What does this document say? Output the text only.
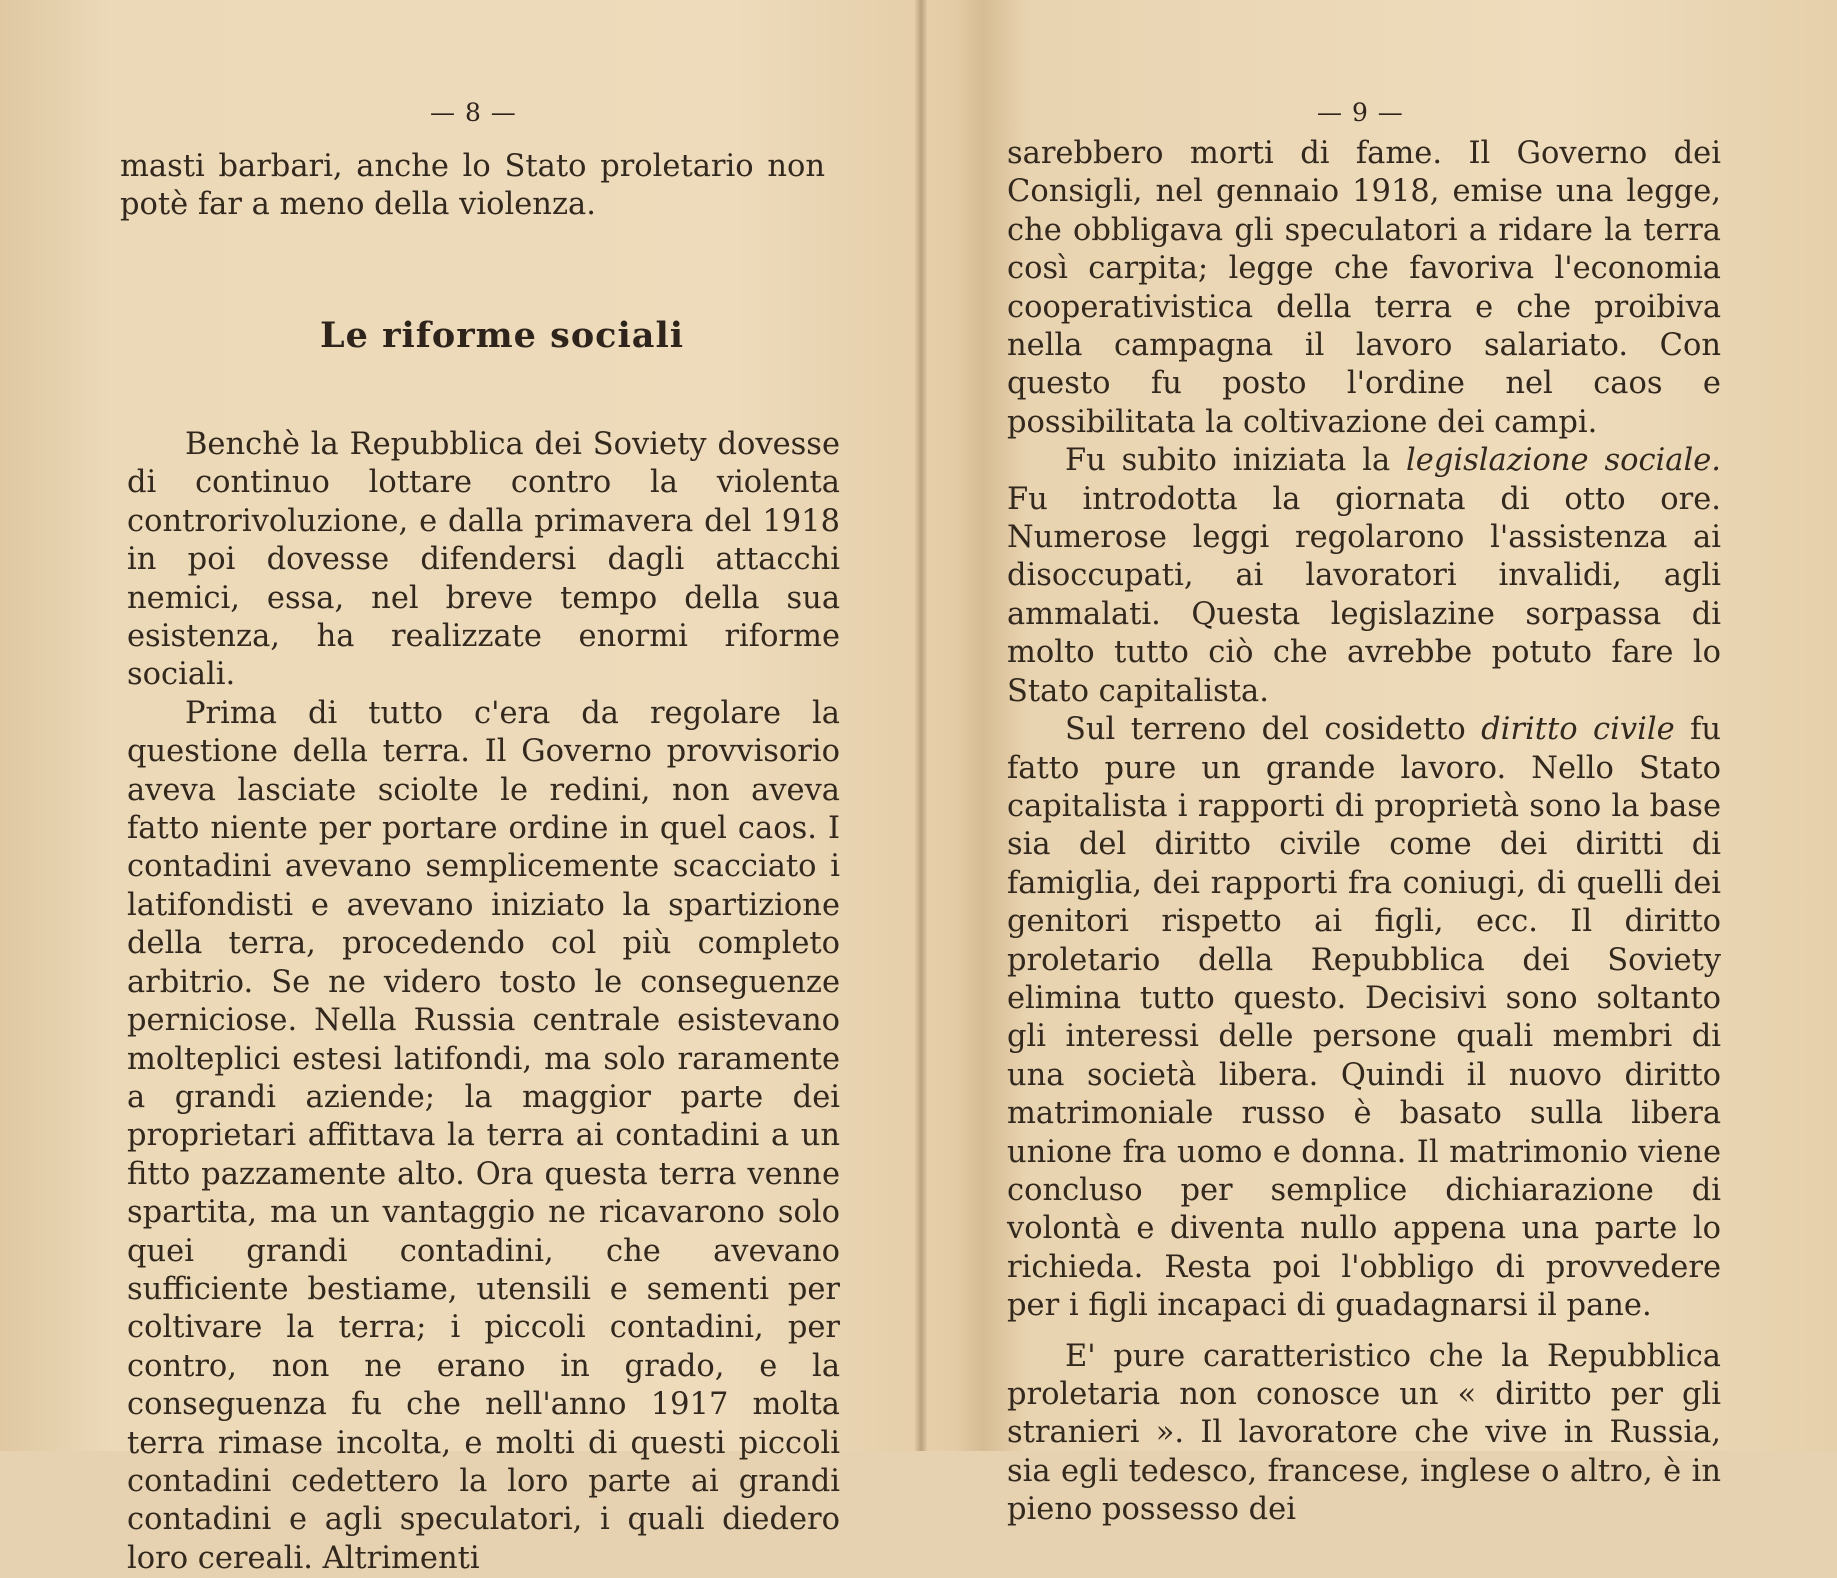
— 8 —

masti barbari, anche lo Stato proletario non potè far a meno della violenza.

Le riforme sociali

Benchè la Repubblica dei Soviety dovesse di continuo lottare contro la violenta controrivoluzione, e dalla primavera del 1918 in poi dovesse difendersi dagli attacchi nemici, essa, nel breve tempo della sua esistenza, ha realizzate enormi riforme sociali.

Prima di tutto c'era da regolare la questione della terra. Il Governo provvisorio aveva lasciate sciolte le redini, non aveva fatto niente per portare ordine in quel caos. I contadini avevano semplicemente scacciato i latifondisti e avevano iniziato la spartizione della terra, procedendo col più completo arbitrio. Se ne videro tosto le conseguenze perniciose. Nella Russia centrale esistevano molteplici estesi latifondi, ma solo raramente a grandi aziende; la maggior parte dei proprietari affittava la terra ai contadini a un fitto pazzamente alto. Ora questa terra venne spartita, ma un vantaggio ne ricavarono solo quei grandi contadini, che avevano sufficiente bestiame, utensili e sementi per coltivare la terra; i piccoli contadini, per contro, non ne erano in grado, e la conseguenza fu che nell'anno 1917 molta terra rimase incolta, e molti di questi piccoli contadini cedettero la loro parte ai grandi contadini e agli speculatori, i quali diedero loro cereali. Altrimenti

— 9 —

sarebbero morti di fame. Il Governo dei Consigli, nel gennaio 1918, emise una legge, che obbligava gli speculatori a ridare la terra così carpita; legge che favoriva l'economia cooperativistica della terra e che proibiva nella campagna il lavoro salariato. Con questo fu posto l'ordine nel caos e possibilitata la coltivazione dei campi.

Fu subito iniziata la legislazione sociale. Fu introdotta la giornata di otto ore. Numerose leggi regolarono l'assistenza ai disoccupati, ai lavoratori invalidi, agli ammalati. Questa legislazine sorpassa di molto tutto ciò che avrebbe potuto fare lo Stato capitalista.

Sul terreno del cosidetto diritto civile fu fatto pure un grande lavoro. Nello Stato capitalista i rapporti di proprietà sono la base sia del diritto civile come dei diritti di famiglia, dei rapporti fra coniugi, di quelli dei genitori rispetto ai figli, ecc. Il diritto proletario della Repubblica dei Soviety elimina tutto questo. Decisivi sono soltanto gli interessi delle persone quali membri di una società libera. Quindi il nuovo diritto matrimoniale russo è basato sulla libera unione fra uomo e donna. Il matrimonio viene concluso per semplice dichiarazione di volontà e diventa nullo appena una parte lo richieda. Resta poi l'obbligo di provvedere per i figli incapaci di guadagnarsi il pane.

E' pure caratteristico che la Repubblica proletaria non conosce un « diritto per gli stranieri ». Il lavoratore che vive in Russia, sia egli tedesco, francese, inglese o altro, è in pieno possesso dei
